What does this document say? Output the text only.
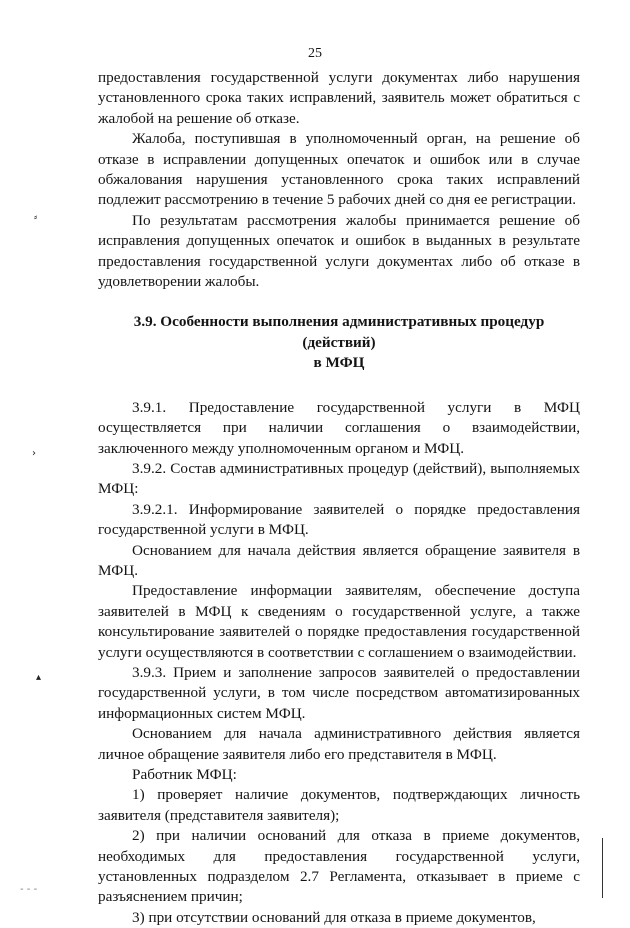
25

предоставления государственной услуги документах либо нарушения установленного срока таких исправлений, заявитель может обратиться с жалобой на решение об отказе.

Жалоба, поступившая в уполномоченный орган, на решение об отказе в исправлении допущенных опечаток и ошибок или в случае обжалования нарушения установленного срока таких исправлений подлежит рассмотрению в течение 5 рабочих дней со дня ее регистрации.

По результатам рассмотрения жалобы принимается решение об исправления допущенных опечаток и ошибок в выданных в результате предоставления государственной услуги документах либо об отказе в удовлетворении жалобы.

3.9. Особенности выполнения административных процедур (действий)
в МФЦ

3.9.1. Предоставление государственной услуги в МФЦ осуществляется при наличии соглашения о взаимодействии, заключенного между уполномоченным органом и МФЦ.

3.9.2. Состав административных процедур (действий), выполняемых МФЦ:

3.9.2.1. Информирование заявителей о порядке предоставления государственной услуги в МФЦ.

Основанием для начала действия является обращение заявителя в МФЦ.

Предоставление информации заявителям, обеспечение доступа заявителей в МФЦ к сведениям о государственной услуге, а также консультирование заявителей о порядке предоставления государственной услуги осуществляются в соответствии с соглашением о взаимодействии.

3.9.3. Прием и заполнение запросов заявителей о предоставлении государственной услуги, в том числе посредством автоматизированных информационных систем МФЦ.

Основанием для начала административного действия является личное обращение заявителя либо его представителя в МФЦ.

Работник МФЦ:

1) проверяет наличие документов, подтверждающих личность заявителя (представителя заявителя);

2) при наличии оснований для отказа в приеме документов, необходимых для предоставления государственной услуги, установленных подразделом 2.7 Регламента, отказывает в приеме с разъяснением причин;

3) при отсутствии оснований для отказа в приеме документов,

⸗
›
▴
- - -
